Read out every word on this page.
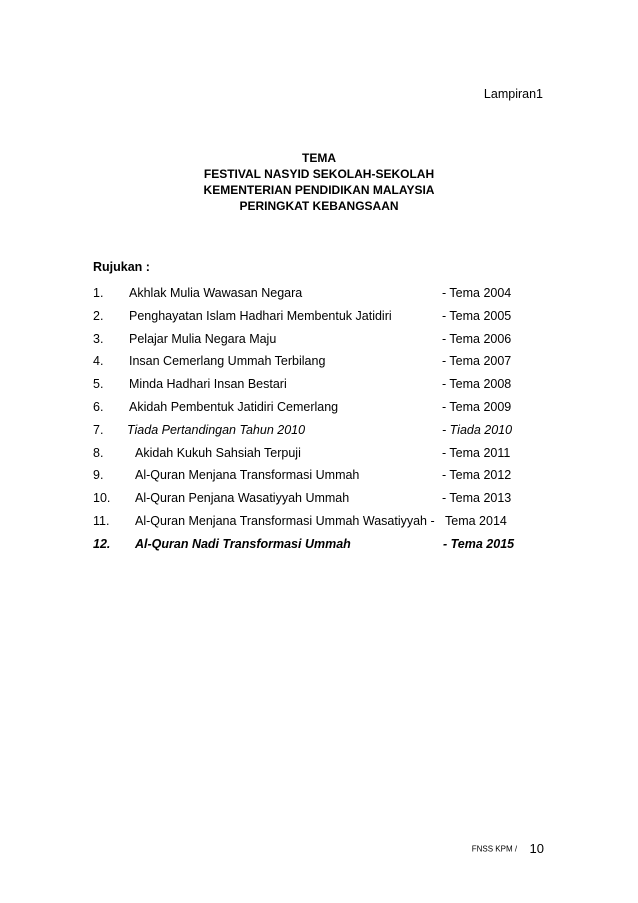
Lampiran1
TEMA
FESTIVAL NASYID SEKOLAH-SEKOLAH
KEMENTERIAN PENDIDIKAN MALAYSIA
PERINGKAT KEBANGSAAN
Rujukan :
1. Akhlak Mulia Wawasan Negara	- Tema 2004
2. Penghayatan Islam Hadhari Membentuk Jatidiri	- Tema 2005
3. Pelajar Mulia Negara Maju	- Tema 2006
4. Insan Cemerlang Ummah Terbilang	- Tema 2007
5. Minda Hadhari Insan Bestari	- Tema 2008
6. Akidah Pembentuk Jatidiri Cemerlang	- Tema 2009
7. Tiada Pertandingan Tahun 2010	- Tiada 2010
8.	Akidah Kukuh Sahsiah Terpuji	- Tema 2011
9.	Al-Quran Menjana Transformasi Ummah	- Tema 2012
10. Al-Quran Penjana Wasatiyyah Ummah	- Tema 2013
11. Al-Quran Menjana Transformasi Ummah Wasatiyyah - Tema 2014
12. Al-Quran Nadi Transformasi Ummah	- Tema 2015
FNSS KPM / 10
